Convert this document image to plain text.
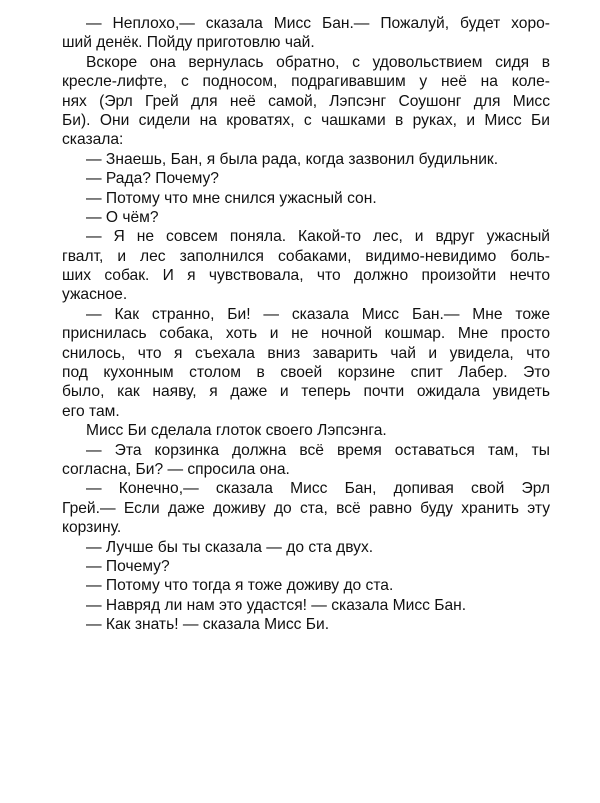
— Неплохо,— сказала Мисс Бан.— Пожалуй, будет хоро-
ший денёк. Пойду приготовлю чай.
Вскоре она вернулась обратно, с удовольствием сидя в
кресле-лифте, с подносом, подрагивавшим у неё на коле-
нях (Эрл Грей для неё самой, Лэпсэнг Соушонг для Мисс
Би). Они сидели на кроватях, с чашками в руках, и Мисс Би
сказала:
— Знаешь, Бан, я была рада, когда зазвонил будильник.
— Рада? Почему?
— Потому что мне снился ужасный сон.
— О чём?
— Я не совсем поняла. Какой-то лес, и вдруг ужасный
гвалт, и лес заполнился собаками, видимо-невидимо боль-
ших собак. И я чувствовала, что должно произойти нечто
ужасное.
— Как странно, Би! — сказала Мисс Бан.— Мне тоже
приснилась собака, хоть и не ночной кошмар. Мне просто
снилось, что я съехала вниз заварить чай и увидела, что
под кухонным столом в своей корзине спит Лабер. Это
было, как наяву, я даже и теперь почти ожидала увидеть
его там.
Мисс Би сделала глоток своего Лэпсэнга.
— Эта корзинка должна всё время оставаться там, ты
согласна, Би? — спросила она.
— Конечно,— сказала Мисс Бан, допивая свой Эрл
Грей.— Если даже доживу до ста, всё равно буду хранить эту
корзину.
— Лучше бы ты сказала — до ста двух.
— Почему?
— Потому что тогда я тоже доживу до ста.
— Навряд ли нам это удастся! — сказала Мисс Бан.
— Как знать! — сказала Мисс Би.
